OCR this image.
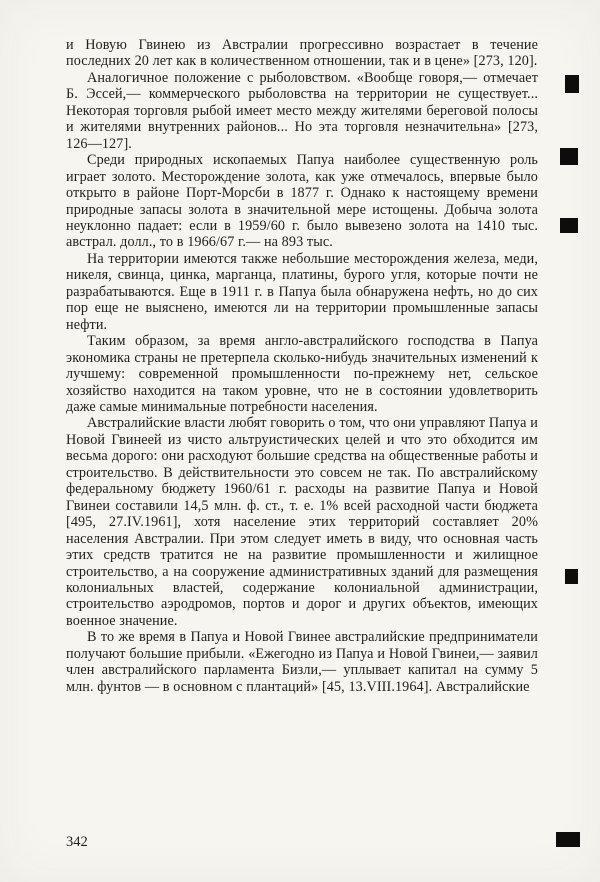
и Новую Гвинею из Австралии прогрессивно возрастает в течение последних 20 лет как в количественном отношении, так и в цене» [273, 120].

Аналогичное положение с рыболовством. «Вообще говоря,— отмечает Б. Эссей,— коммерческого рыболовства на территории не существует... Некоторая торговля рыбой имеет место между жителями береговой полосы и жителями внутренних районов... Но эта торговля незначительна» [273, 126—127].

Среди природных ископаемых Папуа наиболее существенную роль играет золото. Месторождение золота, как уже отмечалось, впервые было открыто в районе Порт-Морсби в 1877 г. Однако к настоящему времени природные запасы золота в значительной мере истощены. Добыча золота неуклонно падает: если в 1959/60 г. было вывезено золота на 1410 тыс. австрал. долл., то в 1966/67 г.— на 893 тыс.

На территории имеются также небольшие месторождения железа, меди, никеля, свинца, цинка, марганца, платины, бурого угля, которые почти не разрабатываются. Еще в 1911 г. в Папуа была обнаружена нефть, но до сих пор еще не выяснено, имеются ли на территории промышленные запасы нефти.

Таким образом, за время англо-австралийского господства в Папуа экономика страны не претерпела сколько-нибудь значительных изменений к лучшему: современной промышленности по-прежнему нет, сельское хозяйство находится на таком уровне, что не в состоянии удовлетворить даже самые минимальные потребности населения.

Австралийские власти любят говорить о том, что они управляют Папуа и Новой Гвинеей из чисто альтруистических целей и что это обходится им весьма дорого: они расходуют большие средства на общественные работы и строительство. В действительности это совсем не так. По австралийскому федеральному бюджету 1960/61 г. расходы на развитие Папуа и Новой Гвинеи составили 14,5 млн. ф. ст., т. е. 1% всей расходной части бюджета [495, 27.IV.1961], хотя население этих территорий составляет 20% населения Австралии. При этом следует иметь в виду, что основная часть этих средств тратится не на развитие промышленности и жилищное строительство, а на сооружение административных зданий для размещения колониальных властей, содержание колониальной администрации, строительство аэродромов, портов и дорог и других объектов, имеющих военное значение.

В то же время в Папуа и Новой Гвинее австралийские предприниматели получают большие прибыли. «Ежегодно из Папуа и Новой Гвинеи,— заявил член австралийского парламента Бизли,— уплывает капитал на сумму 5 млн. фунтов — в основном с плантаций» [45, 13.VIII.1964]. Австралийские

342
